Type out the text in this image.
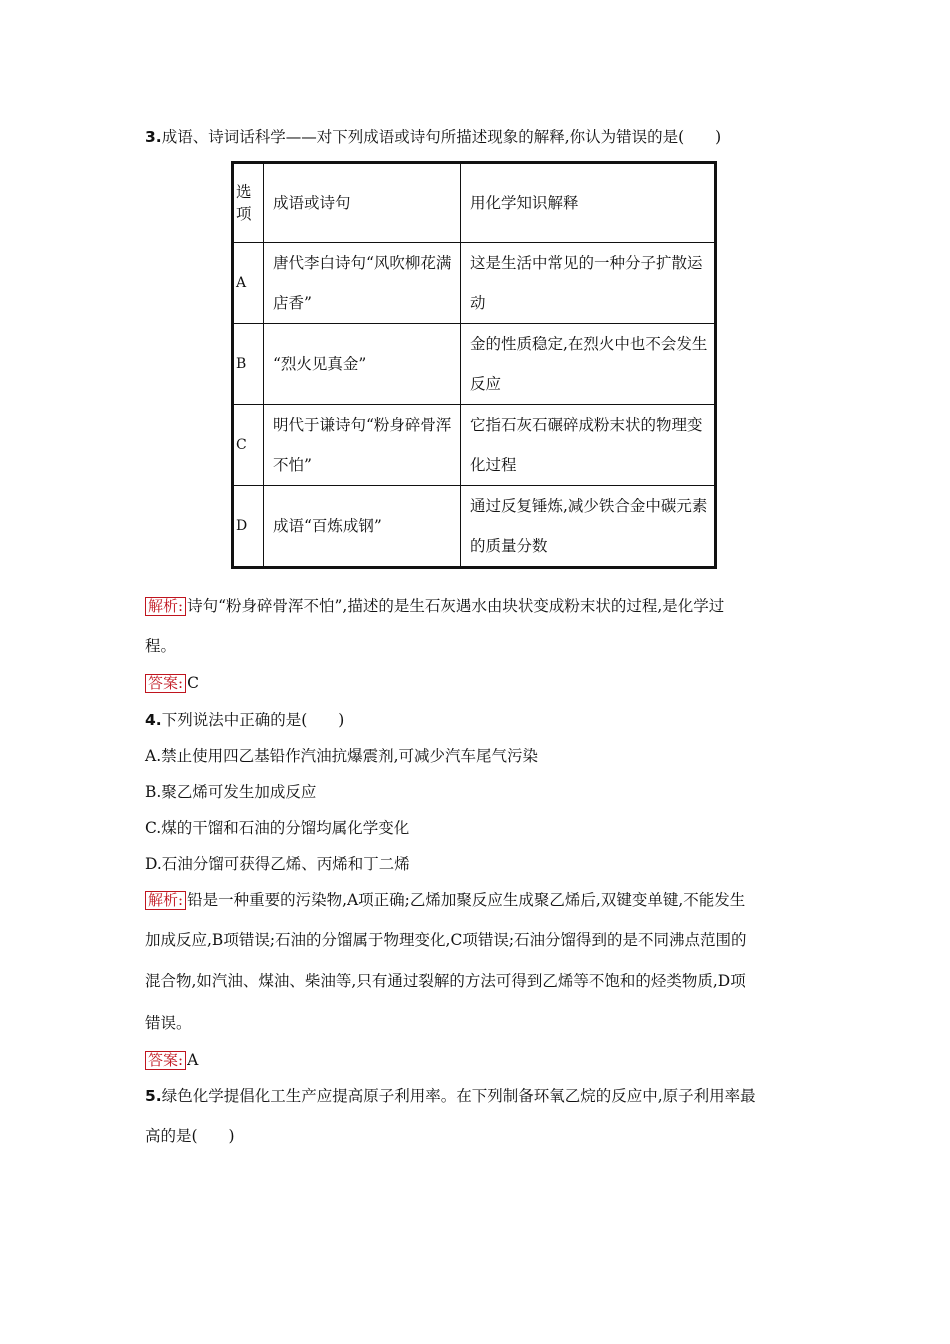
3.成语、诗词话科学——对下列成语或诗句所描述现象的解释,你认为错误的是(　　)
选项	成语或诗句	用化学知识解释
A	唐代李白诗句“风吹柳花满店香”	这是生活中常见的一种分子扩散运动
B	“烈火见真金”	金的性质稳定,在烈火中也不会发生反应
C	明代于谦诗句“粉身碎骨浑不怕”	它指石灰石碾碎成粉末状的物理变化过程
D	成语“百炼成钢”	通过反复锤炼,减少铁合金中碳元素的质量分数
解析: 诗句“粉身碎骨浑不怕”,描述的是生石灰遇水由块状变成粉末状的过程,是化学过
程。
答案: C
4.下列说法中正确的是(　　)
A.禁止使用四乙基铅作汽油抗爆震剂,可减少汽车尾气污染
B.聚乙烯可发生加成反应
C.煤的干馏和石油的分馏均属化学变化
D.石油分馏可获得乙烯、丙烯和丁二烯
解析: 铅是一种重要的污染物,A项正确;乙烯加聚反应生成聚乙烯后,双键变单键,不能发生
加成反应,B项错误;石油的分馏属于物理变化,C项错误;石油分馏得到的是不同沸点范围的
混合物,如汽油、煤油、柴油等,只有通过裂解的方法可得到乙烯等不饱和的烃类物质,D项
错误。
答案: A
5.绿色化学提倡化工生产应提高原子利用率。在下列制备环氧乙烷的反应中,原子利用率最
高的是(　　)
